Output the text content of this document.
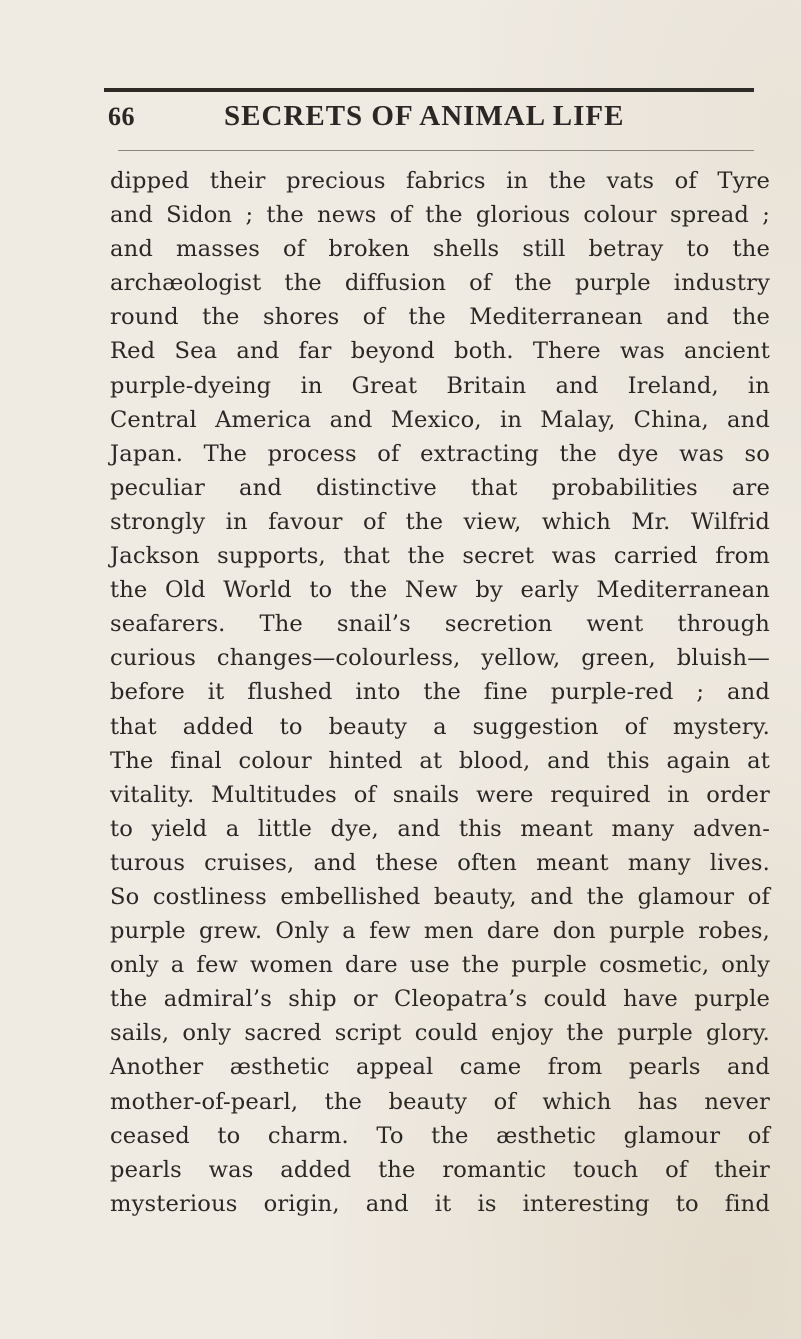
66	SECRETS OF ANIMAL LIFE
dipped their precious fabrics in the vats of Tyre
and Sidon ; the news of the glorious colour spread ;
and masses of broken shells still betray to the
archæologist the diffusion of the purple industry
round the shores of the Mediterranean and the
Red Sea and far beyond both. There was ancient
purple-dyeing in Great Britain and Ireland, in
Central America and Mexico, in Malay, China, and
Japan. The process of extracting the dye was so
peculiar and distinctive that probabilities are
strongly in favour of the view, which Mr. Wilfrid
Jackson supports, that the secret was carried from
the Old World to the New by early Mediterranean
seafarers. The snail’s secretion went through
curious changes—colourless, yellow, green, bluish—
before it flushed into the fine purple-red ; and
that added to beauty a suggestion of mystery.
The final colour hinted at blood, and this again at
vitality. Multitudes of snails were required in order
to yield a little dye, and this meant many adven-
turous cruises, and these often meant many lives.
So costliness embellished beauty, and the glamour of
purple grew. Only a few men dare don purple robes,
only a few women dare use the purple cosmetic, only
the admiral’s ship or Cleopatra’s could have purple
sails, only sacred script could enjoy the purple glory.
Another æsthetic appeal came from pearls and
mother-of-pearl, the beauty of which has never
ceased to charm. To the æsthetic glamour of
pearls was added the romantic touch of their
mysterious origin, and it is interesting to find
